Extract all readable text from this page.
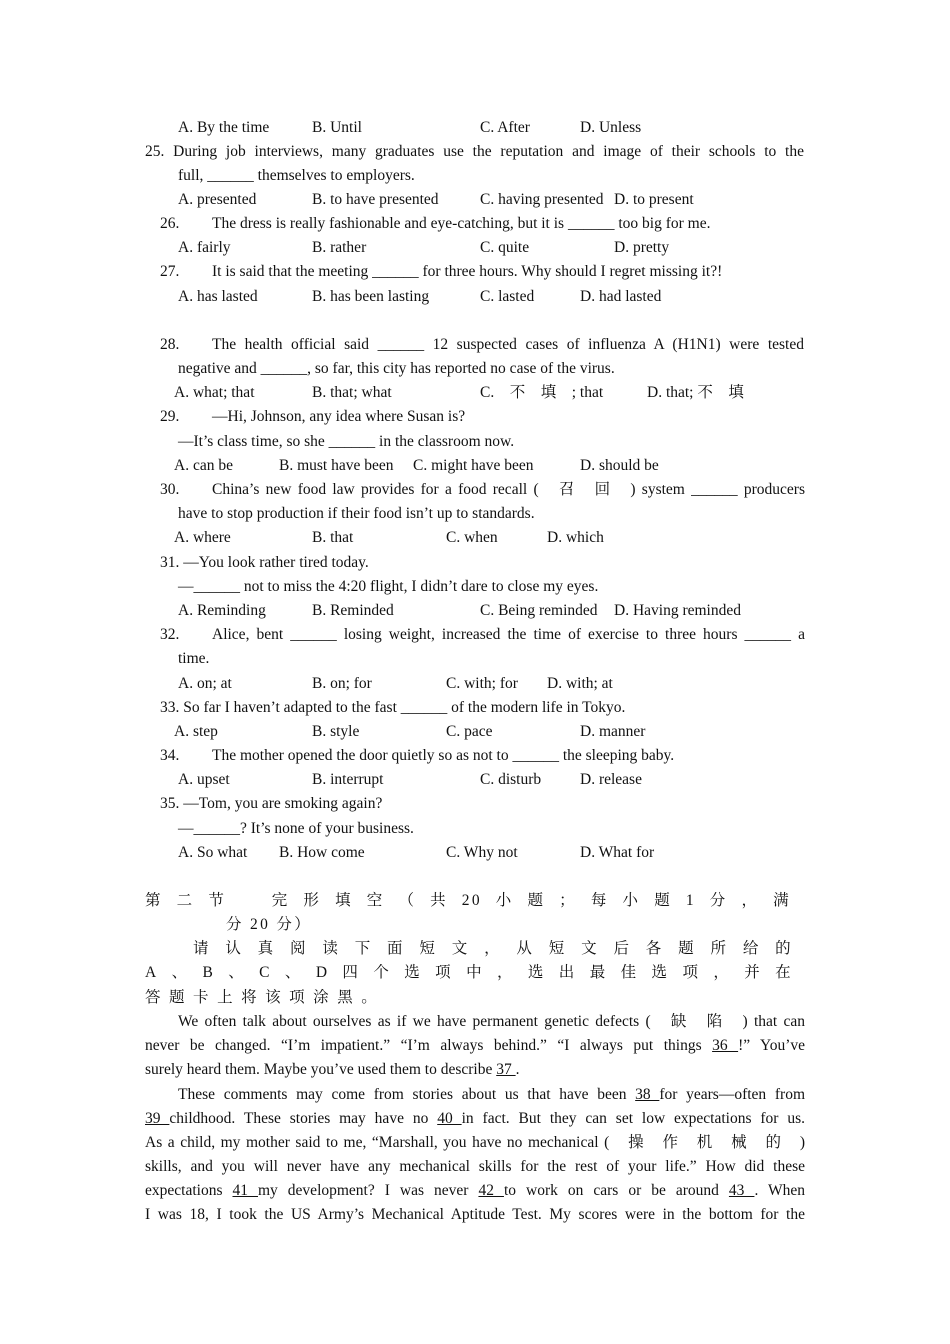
A. By the time	B. Until	C. After	D. Unless
25. During job interviews, many graduates use the reputation and image of their schools to the
full, ______ themselves to employers.
A. presented	B. to have presented	C. having presented D. to present
26. The dress is really fashionable and eye-catching, but it is ______ too big for me.
A. fairly	B. rather	C. quite	D. pretty
27. It is said that the meeting ______ for three hours. Why should I regret missing it?!
A. has lasted	B. has been lasting	C. lasted	D. had lasted
28. The health official said ______ 12 suspected cases of influenza A (H1N1) were tested
negative and ______, so far, this city has reported no case of the virus.
A. what; that	B. that; what	C.　不　填　; that	D. that; 不　填
29. —Hi, Johnson, any idea where Susan is?
—It’s class time, so she ______ in the classroom now.
A. can be	B. must have been C. might have been	D. should be
30. China’s new food law provides for a food recall (　召　回　) system ______ producers
have to stop production if their food isn’t up to standards.
A. where	B. that	C. when	D. which
31. —You look rather tired today.
—______ not to miss the 4:20 flight, I didn’t dare to close my eyes.
A. Reminding	B. Reminded	C. Being reminded D. Having reminded
32. Alice, bent ______ losing weight, increased the time of exercise to three hours ______ a
time.
A. on; at	B. on; for	C. with; for D. with; at
33. So far I haven’t adapted to the fast ______ of the modern life in Tokyo.
A. step	B. style	C. pace	D. manner
34. The mother opened the door quietly so as not to ______ the sleeping baby.
A. upset	B. interrupt	C. disturb	D. release
35. —Tom, you are smoking again?
—______? It’s none of your business.
A. So what B. How come	C. Why not	D. What for
第二节　完形填空（共20小题；每小题1分，满
分 20 分）
请认真阅读下面短文，从短文后各题所给的
A、B、C、D四个选项中，选出最佳选项，并在
答题卡上将该项涂黑。
We often talk about ourselves as if we have permanent genetic defects (　缺　陷　) that can
never be changed. “I’m impatient.” “I’m always behind.” “I always put things 36 !” You’ve
surely heard them. Maybe you’ve used them to describe 37 .
These comments may come from stories about us that have been 38 for years—often from
39 childhood. These stories may have no 40 in fact. But they can set low expectations for us.
As a child, my mother said to me, “Marshall, you have no mechanical (　操　作　机　械　的　)
skills, and you will never have any mechanical skills for the rest of your life.” How did these
expectations 41 my development? I was never 42 to work on cars or be around 43 . When
I was 18, I took the US Army’s Mechanical Aptitude Test. My scores were in the bottom for the
